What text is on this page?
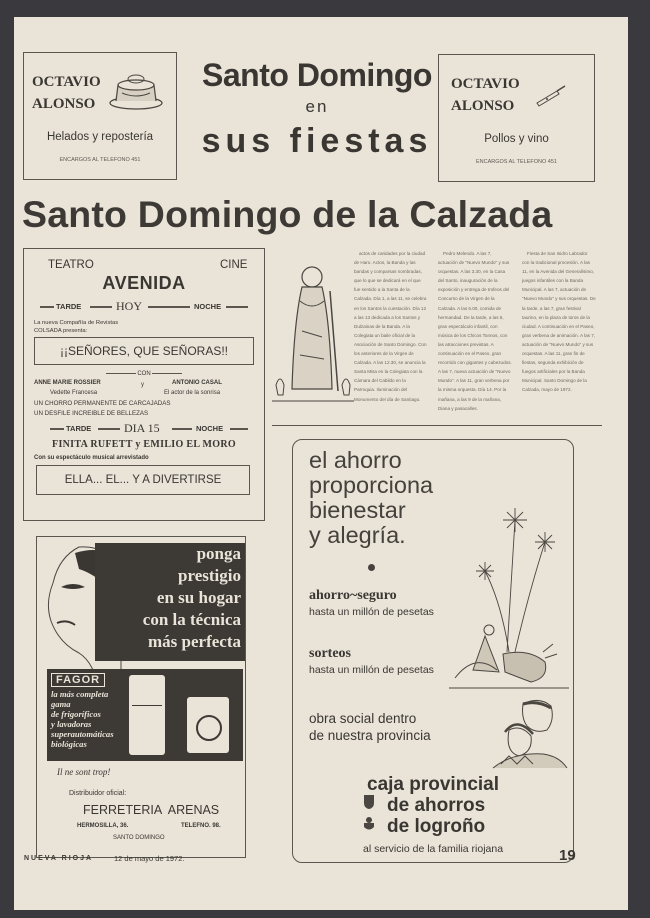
OCTAVIO
ALONSO
Helados y repostería
ENCARGOS AL TELEFONO 451
Santo Domingo
en
sus fiestas
OCTAVIO
ALONSO
Pollos y vino
ENCARGOS AL TELEFONO 451
Santo Domingo de la Calzada
TEATRO	CINE
AVENIDA
TARDE	HOY	NOCHE
La nueva Compañía de Revistas
COLSADA presenta:
¡¡SEÑORES, QUE SEÑORAS!!
CON
ANNE MARIE ROSSIER
Vedette Francesa
y	ANTONIO CASAL
El actor de la sonrisa
UN CHORRO PERMANENTE DE CARCAJADAS
UN DESFILE INCREIBLE DE BELLEZAS
TARDE	DIA 15	NOCHE
FINITA RUFETT y EMILIO EL MORO
Con su espectáculo musical arrevistado
ELLA... EL... Y A DIVERTIRSE

actos de caridades por la ciudad de Haro. Actos, la Banda y las bandas y comparsas nombradas, que lo que se dedicará en el que fue sentido a la Santa de la Calzada. Día 1, a las 11, se celebra en los Santos la cuestación. Día 12 a las 13 dedicada a los Santos y Dulzainas de la Banda. A la Colegiata un baile oficial de la Asociación de Santo Domingo. Con los anteriores de la Virgen de Calzada. A las 12.30, se anuncia la Santa Misa en la Colegiata con la Cámara del Cabildo en la Parroquia. Iluminación del Monumento del día de Santiago.

Pedro Melendo. A las 7, actuación de "Nuevo Mundo" y sus orquestas. A las 3.30, en la Casa del Santo, inauguración de la exposición y entrega de trofeos del Concurso de la Virgen de la Calzada. A las 6.00, comida de hermandad. De la tarde, a las 6, gran espectáculo infantil, con música de los Chicos Tonnos, con las atracciones previstas. A continuación en el Paseo, gran recorrido con gigantes y cabezudos. A las 7, nueva actuación de "Nuevo Mundo". A las 11, gran verbena por la misma orquesta. Día 14. Por la mañana, a las 9 de la mañana, Diana y pasacalles.

Fiesta de San Isidro Labrador con la tradicional procesión. A las 11, en la Avenida del Generalísimo, juegos infantiles con la Banda Municipal. A las 7, actuación de "Nuevo Mundo" y sus orquestas. De la tarde, a las 7, gran festival taurino, en la plaza de toros de la ciudad. A continuación en el Paseo, gran verbena de animación. A las 7, actuación de "Nuevo Mundo" y sus orquestas. A las 11, gran fin de fiestas, segunda exhibición de fuegos artificiales por la Banda Municipal. Santo Domingo de la Calzada, mayo de 1972.

el ahorro
proporciona
bienestar
y alegría.
ahorro~seguro
hasta un millón de pesetas
sorteos
hasta un millón de pesetas
obra social dentro
de nuestra provincia
caja provincial
de ahorros
de logroño
al servicio de la familia riojana
ponga
prestigio
en su hogar
con la técnica
más perfecta
FAGOR
la más completa
gama
de frigoríficos
y lavadoras
superautomáticas
biológicas
Il ne sont trop!
Distribuidor oficial:
FERRETERIA  ARENAS
HERMOSILLA, 36.	TELEFNO. 98.
SANTO DOMINGO
NUEVA RIOJA	12 de mayo de 1972.	19
